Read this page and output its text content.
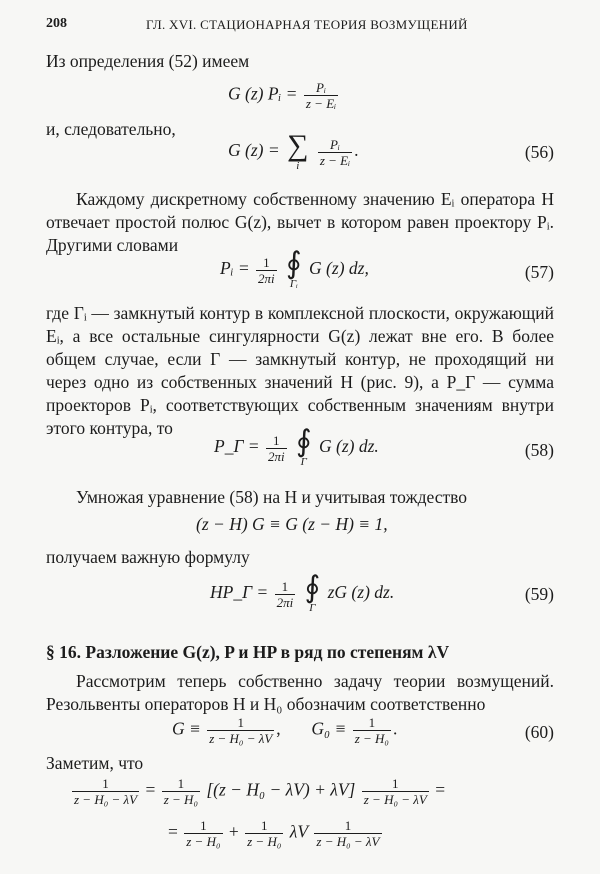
208	ГЛ. XVI. СТАЦИОНАРНАЯ ТЕОРИЯ ВОЗМУЩЕНИЙ
Из определения (52) имеем
G (z) Pᵢ = $\frac{\text{Pᵢ}}{\text{z − Eᵢ}}$
и, следовательно,
G (z) = ∑
i
	$\frac{\text{Pᵢ}}{\text{z − Eᵢ}}$ .	(56)
Каждому дискретному собственному значению Eᵢ оператора H отвечает простой полюс G(z), вычет в котором равен проектору Pᵢ. Другими словами
Pᵢ = $\frac{1}{2\pi i}$
∮
Γᵢ
G (z) dz,	(57)
где Γᵢ — замкнутый контур в комплексной плоскости, окружающий Eᵢ, а все остальные сингулярности G(z) лежат вне его. В более общем случае, если Γ — замкнутый контур, не проходящий ни через одно из собственных значений H (рис. 9), а P_Γ — сумма проекторов Pᵢ, соответствующих собственным значениям внутри этого контура, то
P_Γ = $\frac{1}{2\pi i}$
∮
Γ
G (z) dz.	(58)
Умножая уравнение (58) на H и учитывая тождество
(z − H) G ≡ G (z − H) ≡ 1,
получаем важную формулу
HP_Γ = $\frac{1}{2\pi i}$
∮
Γ
zG (z) dz.	(59)
§ 16. Разложение G(z), P и HP в ряд по степеням λV
Рассмотрим теперь собственно задачу теории возмущений. Резольвенты операторов H и H₀ обозначим соответственно
$G \equiv \frac{1}{\text{z − H₀ − λV}}$ , $G_0 \equiv \frac{1}{\text{z − H₀}}$ .	(60)
Заметим, что
$\frac{1}{\text{z − H₀ − λV}} = \frac{1}{\text{z − H₀}} [(z - H_0 - \lambda V) + \lambda V] \frac{1}{\text{z − H₀ − λV}}$ =
= $\frac{1}{\text{z − H₀}} + \frac{1}{\text{z − H₀}}$ λV $\frac{1}{\text{z − H₀ − λV}}$
